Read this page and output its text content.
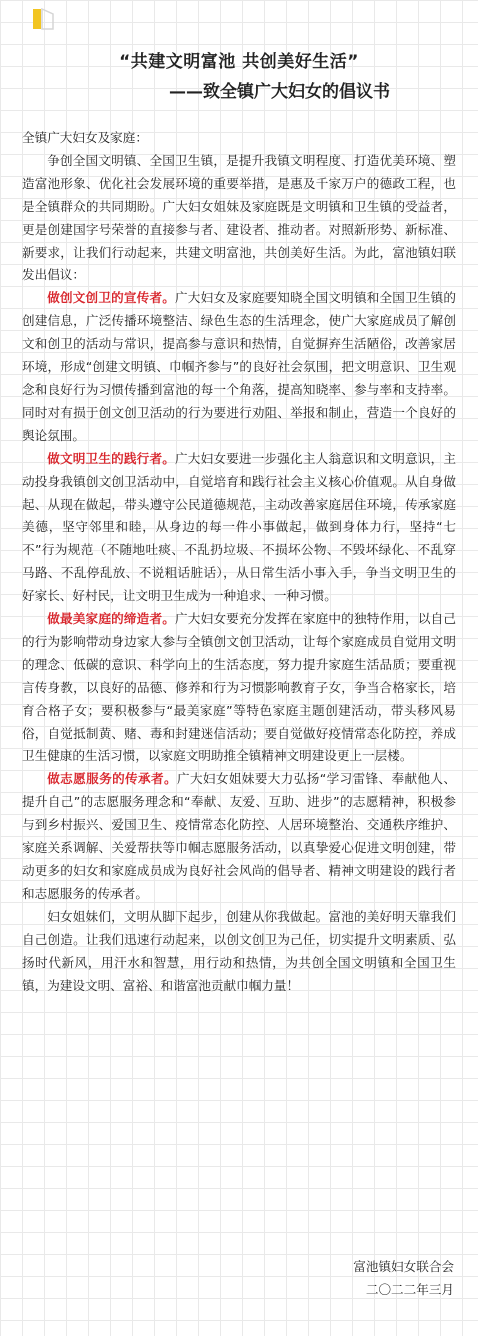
“共建文明富池 共创美好生活”

——致全镇广大妇女的倡议书

全镇广大妇女及家庭：

争创全国文明镇、全国卫生镇，是提升我镇文明程度、打造优美环境、塑造富池形象、优化社会发展环境的重要举措，是惠及千家万户的德政工程，也是全镇群众的共同期盼。广大妇女姐妹及家庭既是文明镇和卫生镇的受益者，更是创建国字号荣誉的直接参与者、建设者、推动者。对照新形势、新标准、新要求，让我们行动起来，共建文明富池，共创美好生活。为此，富池镇妇联发出倡议：

做创文创卫的宣传者。广大妇女及家庭要知晓全国文明镇和全国卫生镇的创建信息，广泛传播环境整洁、绿色生态的生活理念，使广大家庭成员了解创文和创卫的活动与常识，提高参与意识和热情，自觉摒弃生活陋俗，改善家居环境，形成“创建文明镇、巾帼齐参与”的良好社会氛围，把文明意识、卫生观念和良好行为习惯传播到富池的每一个角落，提高知晓率、参与率和支持率。同时对有损于创文创卫活动的行为要进行劝阻、举报和制止，营造一个良好的舆论氛围。

做文明卫生的践行者。广大妇女要进一步强化主人翁意识和文明意识，主动投身我镇创文创卫活动中，自觉培育和践行社会主义核心价值观。从自身做起、从现在做起，带头遵守公民道德规范，主动改善家庭居住环境，传承家庭美德，坚守邻里和睦，从身边的每一件小事做起，做到身体力行，坚持“七不”行为规范（不随地吐痰、不乱扔垃圾、不损坏公物、不毁坏绿化、不乱穿马路、不乱停乱放、不说粗话脏话），从日常生活小事入手，争当文明卫生的好家长、好村民，让文明卫生成为一种追求、一种习惯。

做最美家庭的缔造者。广大妇女要充分发挥在家庭中的独特作用，以自己的行为影响带动身边家人参与全镇创文创卫活动，让每个家庭成员自觉用文明的理念、低碳的意识、科学向上的生活态度，努力提升家庭生活品质；要重视言传身教，以良好的品德、修养和行为习惯影响教育子女，争当合格家长，培育合格子女；要积极参与“最美家庭”等特色家庭主题创建活动，带头移风易俗，自觉抵制黄、赌、毒和封建迷信活动；要自觉做好疫情常态化防控，养成卫生健康的生活习惯，以家庭文明助推全镇精神文明建设更上一层楼。

做志愿服务的传承者。广大妇女姐妹要大力弘扬“学习雷锋、奉献他人、提升自己”的志愿服务理念和“奉献、友爱、互助、进步”的志愿精神，积极参与到乡村振兴、爱国卫生、疫情常态化防控、人居环境整治、交通秩序维护、家庭关系调解、关爱帮扶等巾帼志愿服务活动，以真挚爱心促进文明创建，带动更多的妇女和家庭成员成为良好社会风尚的倡导者、精神文明建设的践行者和志愿服务的传承者。

妇女姐妹们，文明从脚下起步，创建从你我做起。富池的美好明天靠我们自己创造。让我们迅速行动起来，以创文创卫为己任，切实提升文明素质、弘扬时代新风，用汗水和智慧，用行动和热情，为共创全国文明镇和全国卫生镇，为建设文明、富裕、和谐富池贡献巾帼力量！

富池镇妇女联合会
二〇二二年三月
